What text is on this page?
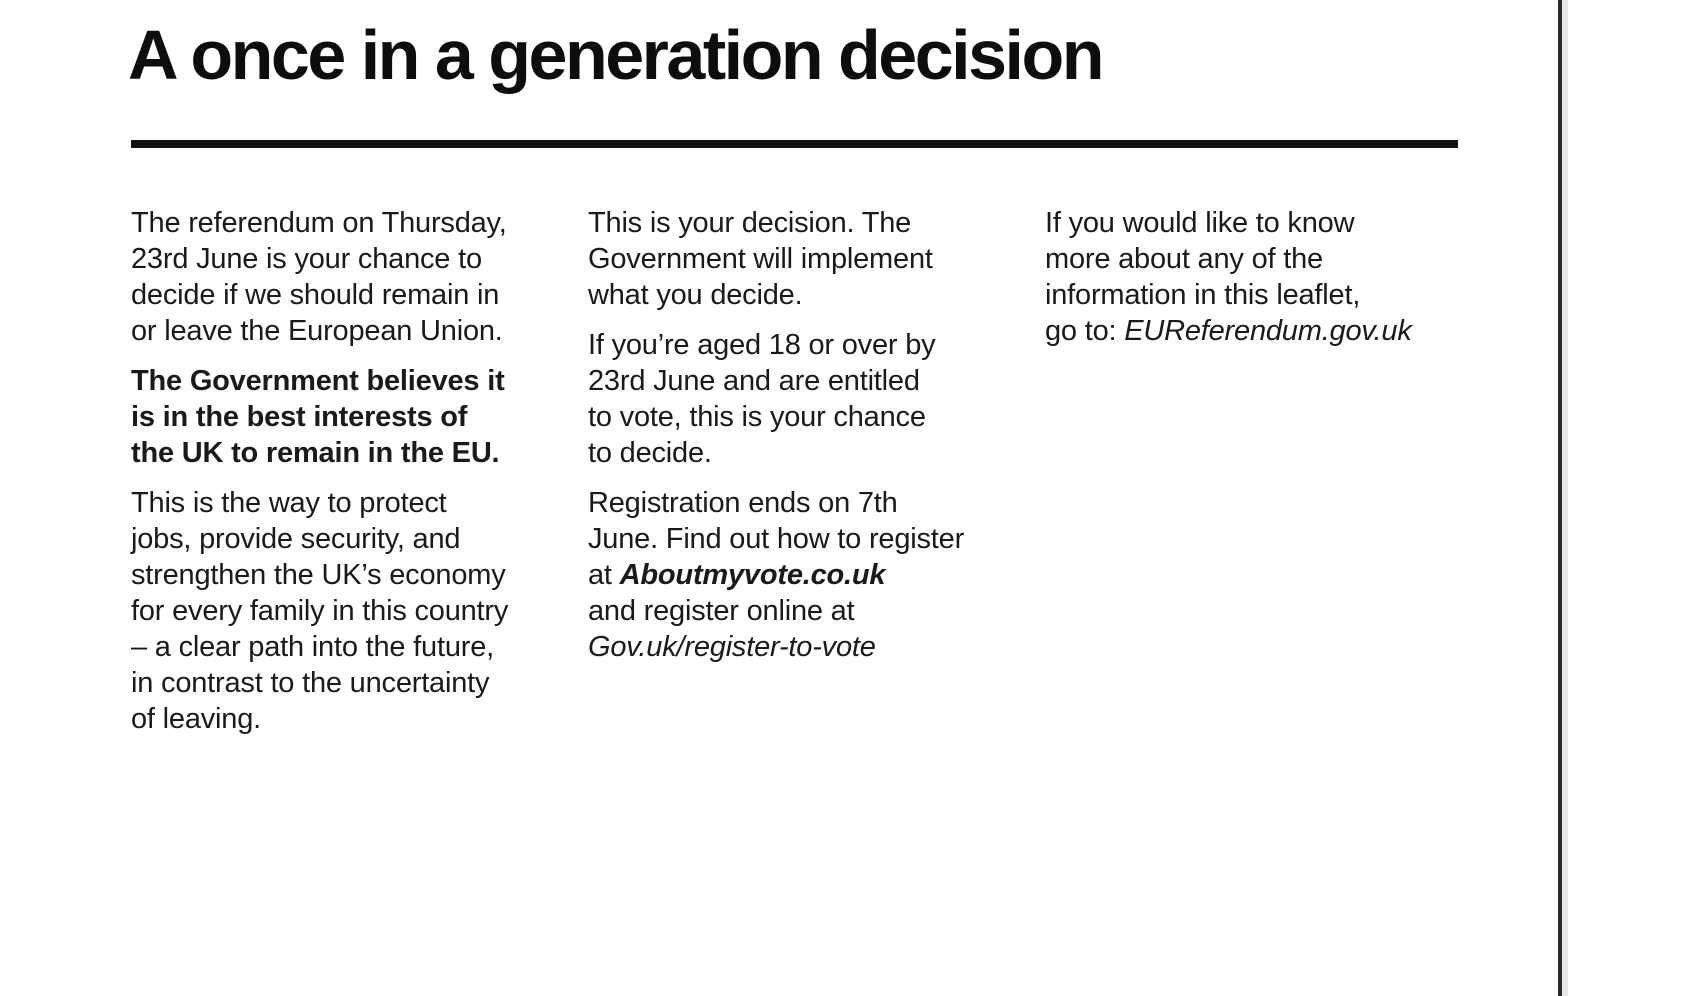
A once in a generation decision

The referendum on Thursday,
23rd June is your chance to
decide if we should remain in
or leave the European Union.

The Government believes it
is in the best interests of
the UK to remain in the EU.

This is the way to protect
jobs, provide security, and
strengthen the UK’s economy
for every family in this country
– a clear path into the future,
in contrast to the uncertainty
of leaving.

This is your decision. The
Government will implement
what you decide.

If you’re aged 18 or over by
23rd June and are entitled
to vote, this is your chance
to decide.

Registration ends on 7th
June. Find out how to register
at Aboutmyvote.co.uk
and register online at
Gov.uk/register-to-vote

If you would like to know
more about any of the
information in this leaflet,
go to: EUReferendum.gov.uk
